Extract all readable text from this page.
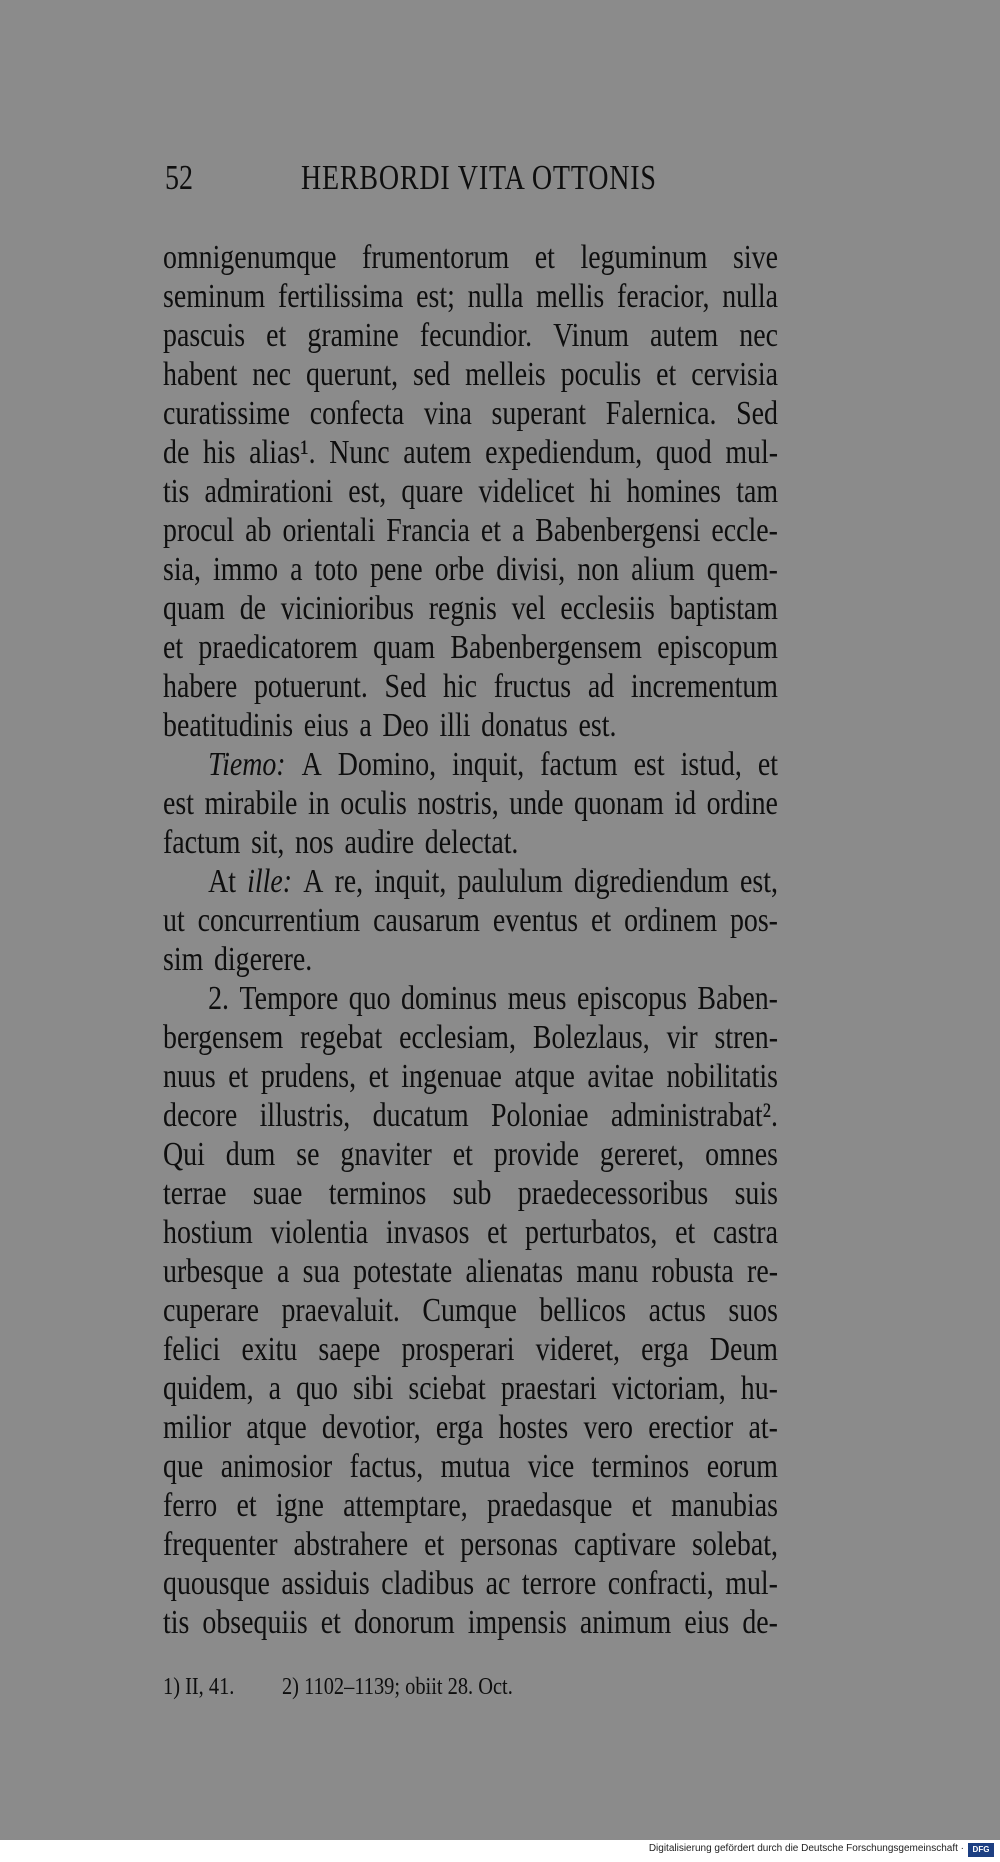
52	HERBORDI VITA OTTONIS
omnigenumque frumentorum et leguminum sive
seminum fertilissima est; nulla mellis feracior, nulla
pascuis et gramine fecundior. Vinum autem nec
habent nec querunt, sed melleis poculis et cervisia
curatissime confecta vina superant Falernica. Sed
de his alias¹. Nunc autem expediendum, quod mul-
tis admirationi est, quare videlicet hi homines tam
procul ab orientali Francia et a Babenbergensi eccle-
sia, immo a toto pene orbe divisi, non alium quem-
quam de vicinioribus regnis vel ecclesiis baptistam
et praedicatorem quam Babenbergensem episcopum
habere potuerunt. Sed hic fructus ad incrementum
beatitudinis eius a Deo illi donatus est.
Tiemo: A Domino, inquit, factum est istud, et
est mirabile in oculis nostris, unde quonam id ordine
factum sit, nos audire delectat.
At ille: A re, inquit, paululum digrediendum est,
ut concurrentium causarum eventus et ordinem pos-
sim digerere.
2. Tempore quo dominus meus episcopus Baben-
bergensem regebat ecclesiam, Bolezlaus, vir stren-
nuus et prudens, et ingenuae atque avitae nobilitatis
decore illustris, ducatum Poloniae administrabat².
Qui dum se gnaviter et provide gereret, omnes
terrae suae terminos sub praedecessoribus suis
hostium violentia invasos et perturbatos, et castra
urbesque a sua potestate alienatas manu robusta re-
cuperare praevaluit. Cumque bellicos actus suos
felici exitu saepe prosperari videret, erga Deum
quidem, a quo sibi sciebat praestari victoriam, hu-
milior atque devotior, erga hostes vero erectior at-
que animosior factus, mutua vice terminos eorum
ferro et igne attemptare, praedasque et manubias
frequenter abstrahere et personas captivare solebat,
quousque assiduis cladibus ac terrore confracti, mul-
tis obsequiis et donorum impensis animum eius de-
1) II, 41. 2) 1102–1139; obiit 28. Oct.
Digitalisierung gefördert durch die Deutsche Forschungsgemeinschaft ·	DFG
